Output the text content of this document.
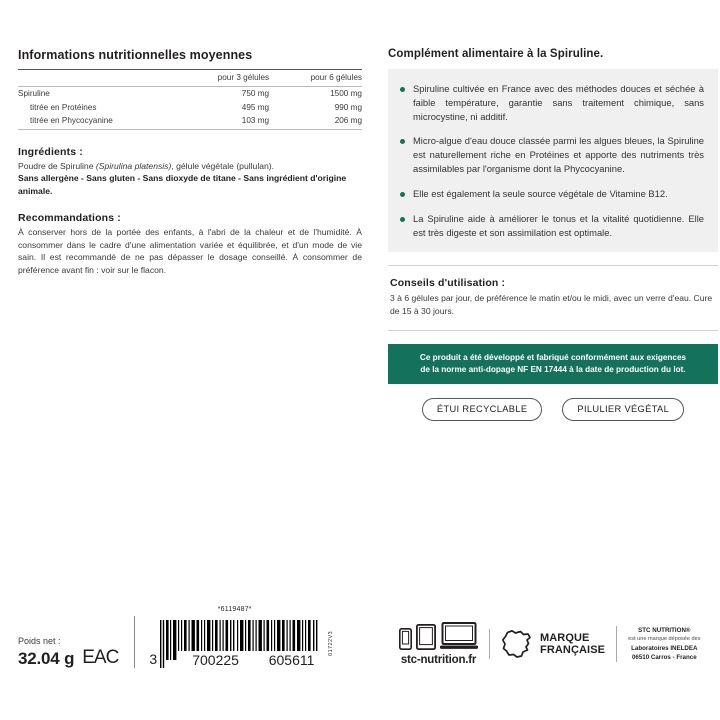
Informations nutritionnelles moyennes
	pour 3 gélules	pour 6 gélules
Spiruline	750 mg	1500 mg
titrée en Protéines	495 mg	990 mg
titrée en Phycocyanine	103 mg	206 mg
Ingrédients :

Poudre de Spiruline (Spirulina platensis), gélule végétale (pullulan).

Sans allergène - Sans gluten - Sans dioxyde de titane - Sans ingrédient d'origine animale.

Recommandations :

À conserver hors de la portée des enfants, à l'abri de la chaleur et de l'humidité. À consommer dans le cadre d'une alimentation variée et équilibrée, et d'un mode de vie sain. Il est recommandé de ne pas dépasser le dosage conseillé. À consommer de préférence avant fin : voir sur le flacon.

Complément alimentaire à la Spiruline.
Spiruline cultivée en France avec des méthodes douces et séchée à faible température, garantie sans traitement chimique, sans microcystine, ni additif.
Micro-algue d'eau douce classée parmi les algues bleues, la Spiruline est naturellement riche en Protéines et apporte des nutriments très assimilables par l'organisme dont la Phycocyanine.
Elle est également la seule source végétale de Vitamine B12.
La Spiruline aide à améliorer le tonus et la vitalité quotidienne. Elle est très digeste et son assimilation est optimale.
Conseils d'utilisation :

3 à 6 gélules par jour, de préférence le matin et/ou le midi, avec un verre d'eau. Cure de 15 à 30 jours.

Ce produit a été développé et fabriqué conformément aux exigences
de la norme anti-dopage NF EN 17444 à la date de production du lot.
ÉTUI RECYCLABLE	PILULIER VÉGÉTAL
Poids net :
32.04 g EAC
*6119487*
3	700225 605611
01722V3
stc-nutrition.fr
MARQUE
FRANÇAISE
STC NUTRITION®
est une marque déposée des
Laboratoires INELDEA
06510 Carros - France
